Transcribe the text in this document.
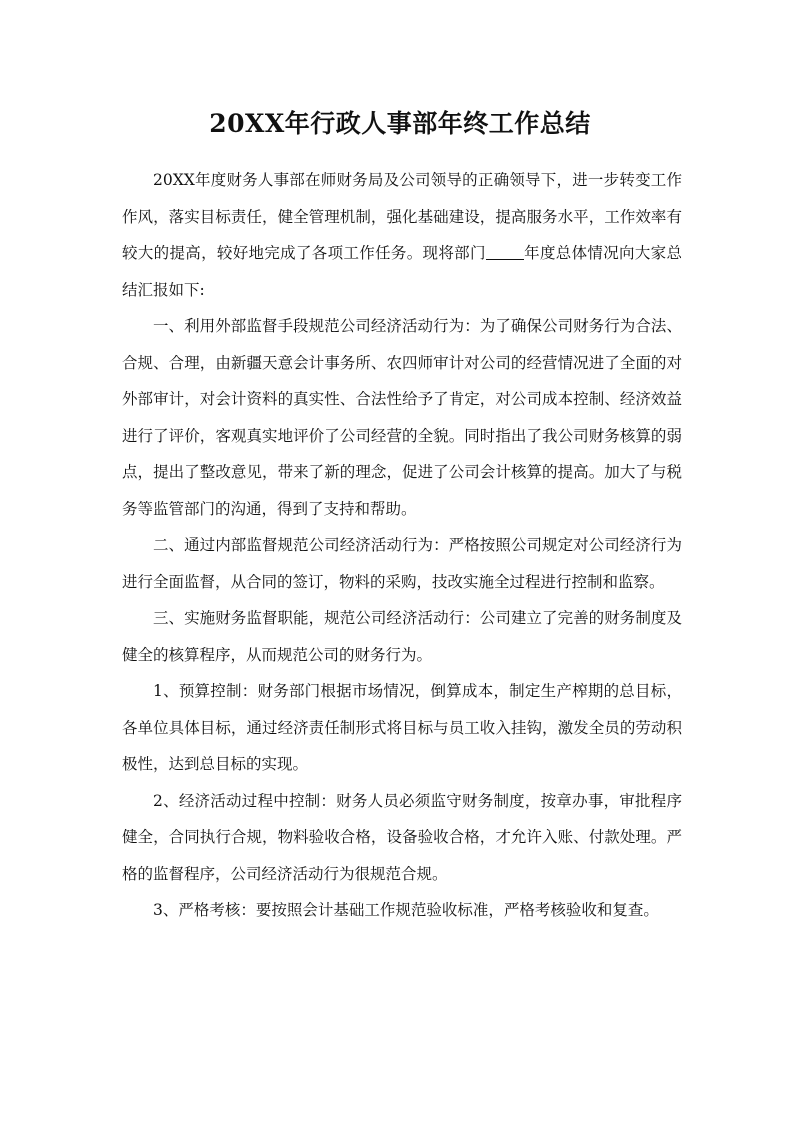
20XX年行政人事部年终工作总结

20XX年度财务人事部在师财务局及公司领导的正确领导下，进一步转变工作作风，落实目标责任，健全管理机制，强化基础建设，提高服务水平，工作效率有较大的提高，较好地完成了各项工作任务。现将部门 年度总体情况向大家总结汇报如下:

一、利用外部监督手段规范公司经济活动行为：为了确保公司财务行为合法、合规、合理，由新疆天意会计事务所、农四师审计对公司的经营情况进了全面的对外部审计，对会计资料的真实性、合法性给予了肯定，对公司成本控制、经济效益进行了评价，客观真实地评价了公司经营的全貌。同时指出了我公司财务核算的弱点，提出了整改意见，带来了新的理念，促进了公司会计核算的提高。加大了与税务等监管部门的沟通，得到了支持和帮助。

二、通过内部监督规范公司经济活动行为：严格按照公司规定对公司经济行为进行全面监督，从合同的签订，物料的采购，技改实施全过程进行控制和监察。

三、实施财务监督职能，规范公司经济活动行：公司建立了完善的财务制度及健全的核算程序，从而规范公司的财务行为。

1、预算控制：财务部门根据市场情况，倒算成本，制定生产榨期的总目标，各单位具体目标，通过经济责任制形式将目标与员工收入挂钩，激发全员的劳动积极性，达到总目标的实现。

2、经济活动过程中控制：财务人员必须监守财务制度，按章办事，审批程序健全，合同执行合规，物料验收合格，设备验收合格，才允许入账、付款处理。严格的监督程序，公司经济活动行为很规范合规。

3、严格考核：要按照会计基础工作规范验收标准，严格考核验收和复查。
